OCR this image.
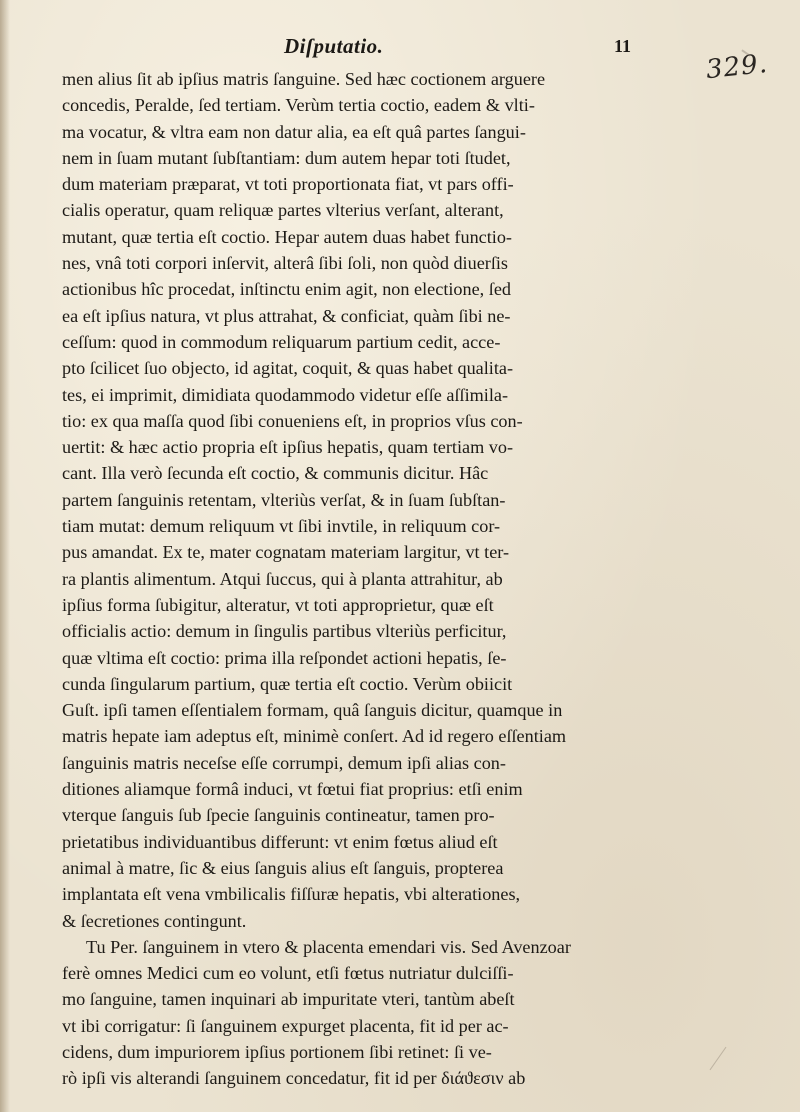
Diſputatio.	11
329.
men alius ſit ab ipſius matris ſanguine. Sed hæc coctionem arguere
concedis, Peralde, ſed tertiam. Verùm tertia coctio, eadem & vlti-
ma vocatur, & vltra eam non datur alia, ea eſt quâ partes ſangui-
nem in ſuam mutant ſubſtantiam: dum autem hepar toti ſtudet,
dum materiam præparat, vt toti proportionata fiat, vt pars offi-
cialis operatur, quam reliquæ partes vlterius verſant, alterant,
mutant, quæ tertia eſt coctio. Hepar autem duas habet functio-
nes, vnâ toti corpori inſervit, alterâ ſibi ſoli, non quòd diuerſis
actionibus hîc procedat, inſtinctu enim agit, non electione, ſed
ea eſt ipſius natura, vt plus attrahat, & conficiat, quàm ſibi ne-
ceſſum: quod in commodum reliquarum partium cedit, acce-
pto ſcilicet ſuo objecto, id agitat, coquit, & quas habet qualita-
tes, ei imprimit, dimidiata quodammodo videtur eſſe aſſimila-
tio: ex qua maſſa quod ſibi conueniens eſt, in proprios vſus con-
uertit: & hæc actio propria eſt ipſius hepatis, quam tertiam vo-
cant. Illa verò ſecunda eſt coctio, & communis dicitur. Hâc
partem ſanguinis retentam, vlteriùs verſat, & in ſuam ſubſtan-
tiam mutat: demum reliquum vt ſibi invtile, in reliquum cor-
pus amandat. Ex te, mater cognatam materiam largitur, vt ter-
ra plantis alimentum. Atqui ſuccus, qui à planta attrahitur, ab
ipſius forma ſubigitur, alteratur, vt toti approprietur, quæ eſt
officialis actio: demum in ſingulis partibus vlteriùs perficitur,
quæ vltima eſt coctio: prima illa reſpondet actioni hepatis, ſe-
cunda ſingularum partium, quæ tertia eſt coctio. Verùm obiicit
Guſt. ipſi tamen eſſentialem formam, quâ ſanguis dicitur, quamque in
matris hepate iam adeptus eſt, minimè conſert. Ad id regero eſſentiam
ſanguinis matris neceſse eſſe corrumpi, demum ipſi alias con-
ditiones aliamque formâ induci, vt fœtui fiat proprius: etſi enim
vterque ſanguis ſub ſpecie ſanguinis contineatur, tamen pro-
prietatibus individuantibus differunt: vt enim fœtus aliud eſt
animal à matre, ſic & eius ſanguis alius eſt ſanguis, propterea
implantata eſt vena vmbilicalis fiſſuræ hepatis, vbi alterationes,
& ſecretiones contingunt.
Tu Per. ſanguinem in vtero & placenta emendari vis. Sed Avenzoar
ferè omnes Medici cum eo volunt, etſi fœtus nutriatur dulciſſi-
mo ſanguine, tamen inquinari ab impuritate vteri, tantùm abeſt
vt ibi corrigatur: ſi ſanguinem expurget placenta, fit id per ac-
cidens, dum impuriorem ipſius portionem ſibi retinet: ſi ve-
rò ipſi vis alterandi ſanguinem concedatur, fit id per διάϑεσιν ab
